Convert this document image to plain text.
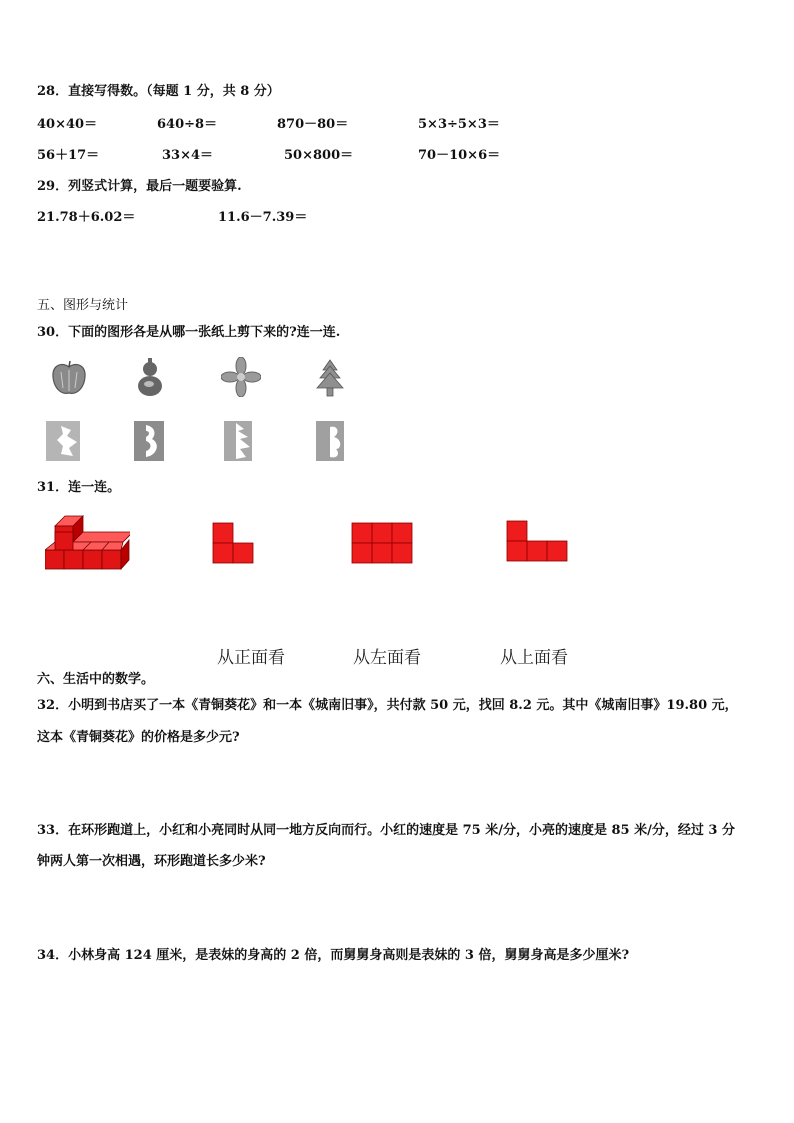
28．直接写得数。（每题 1 分，共 8 分）
40×40＝	640÷8＝	870－80＝	5×3÷5×3＝
56＋17＝	33×4＝	50×800＝	70－10×6＝
29．列竖式计算，最后一题要验算.
21.78＋6.02＝	11.6－7.39＝
五、图形与统计
30．下面的图形各是从哪一张纸上剪下来的?连一连.
31．连一连。
从正面看	从左面看	从上面看
六、生活中的数学。
32．小明到书店买了一本《青铜葵花》和一本《城南旧事》，共付款 50 元，找回 8.2 元。其中《城南旧事》19.80 元，
这本《青铜葵花》的价格是多少元?
33．在环形跑道上，小红和小亮同时从同一地方反向而行。小红的速度是 75 米/分，小亮的速度是 85 米/分，经过 3 分
钟两人第一次相遇，环形跑道长多少米?
34．小林身高 124 厘米，是表妹的身高的 2 倍，而舅舅身高则是表妹的 3 倍，舅舅身高是多少厘米?
